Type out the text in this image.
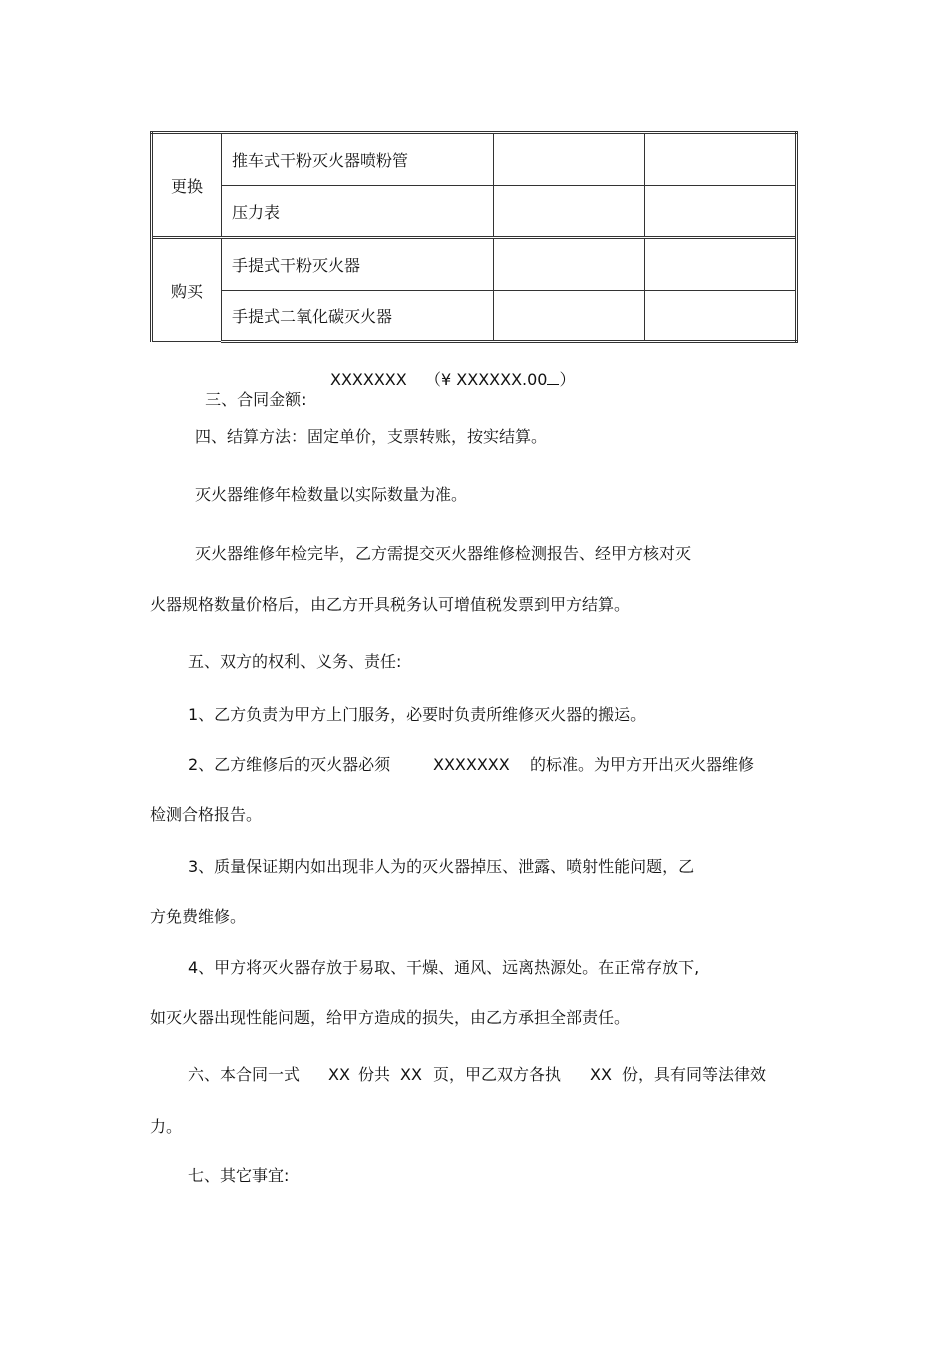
更换	推车式干粉灭火器喷粉管		
	压力表		
购买	手提式干粉灭火器		
	手提式二氧化碳灭火器		

三、合同金额:

XXXXXXX （¥ XXXXXX.00 ）
四、结算方法：固定单价，支票转账，按实结算。
灭火器维修年检数量以实际数量为准。
灭火器维修年检完毕，乙方需提交灭火器维修检测报告、经甲方核对灭
火器规格数量价格后，由乙方开具税务认可增值税发票到甲方结算。
五、双方的权利、义务、责任:
1、乙方负责为甲方上门服务，必要时负责所维修灭火器的搬运。
2、乙方维修后的灭火器必须	XXXXXXX 的标准。为甲方开出灭火器维修
检测合格报告。
3、质量保证期内如出现非人为的灭火器掉压、泄露、喷射性能问题，乙
方免费维修。
4、甲方将灭火器存放于易取、干燥、通风、远离热源处。在正常存放下,
如灭火器出现性能问题，给甲方造成的损失，由乙方承担全部责任。
六、本合同一式 XX 份共 XX 页，甲乙双方各执 XX 份，具有同等法律效
力。
七、其它事宜:
